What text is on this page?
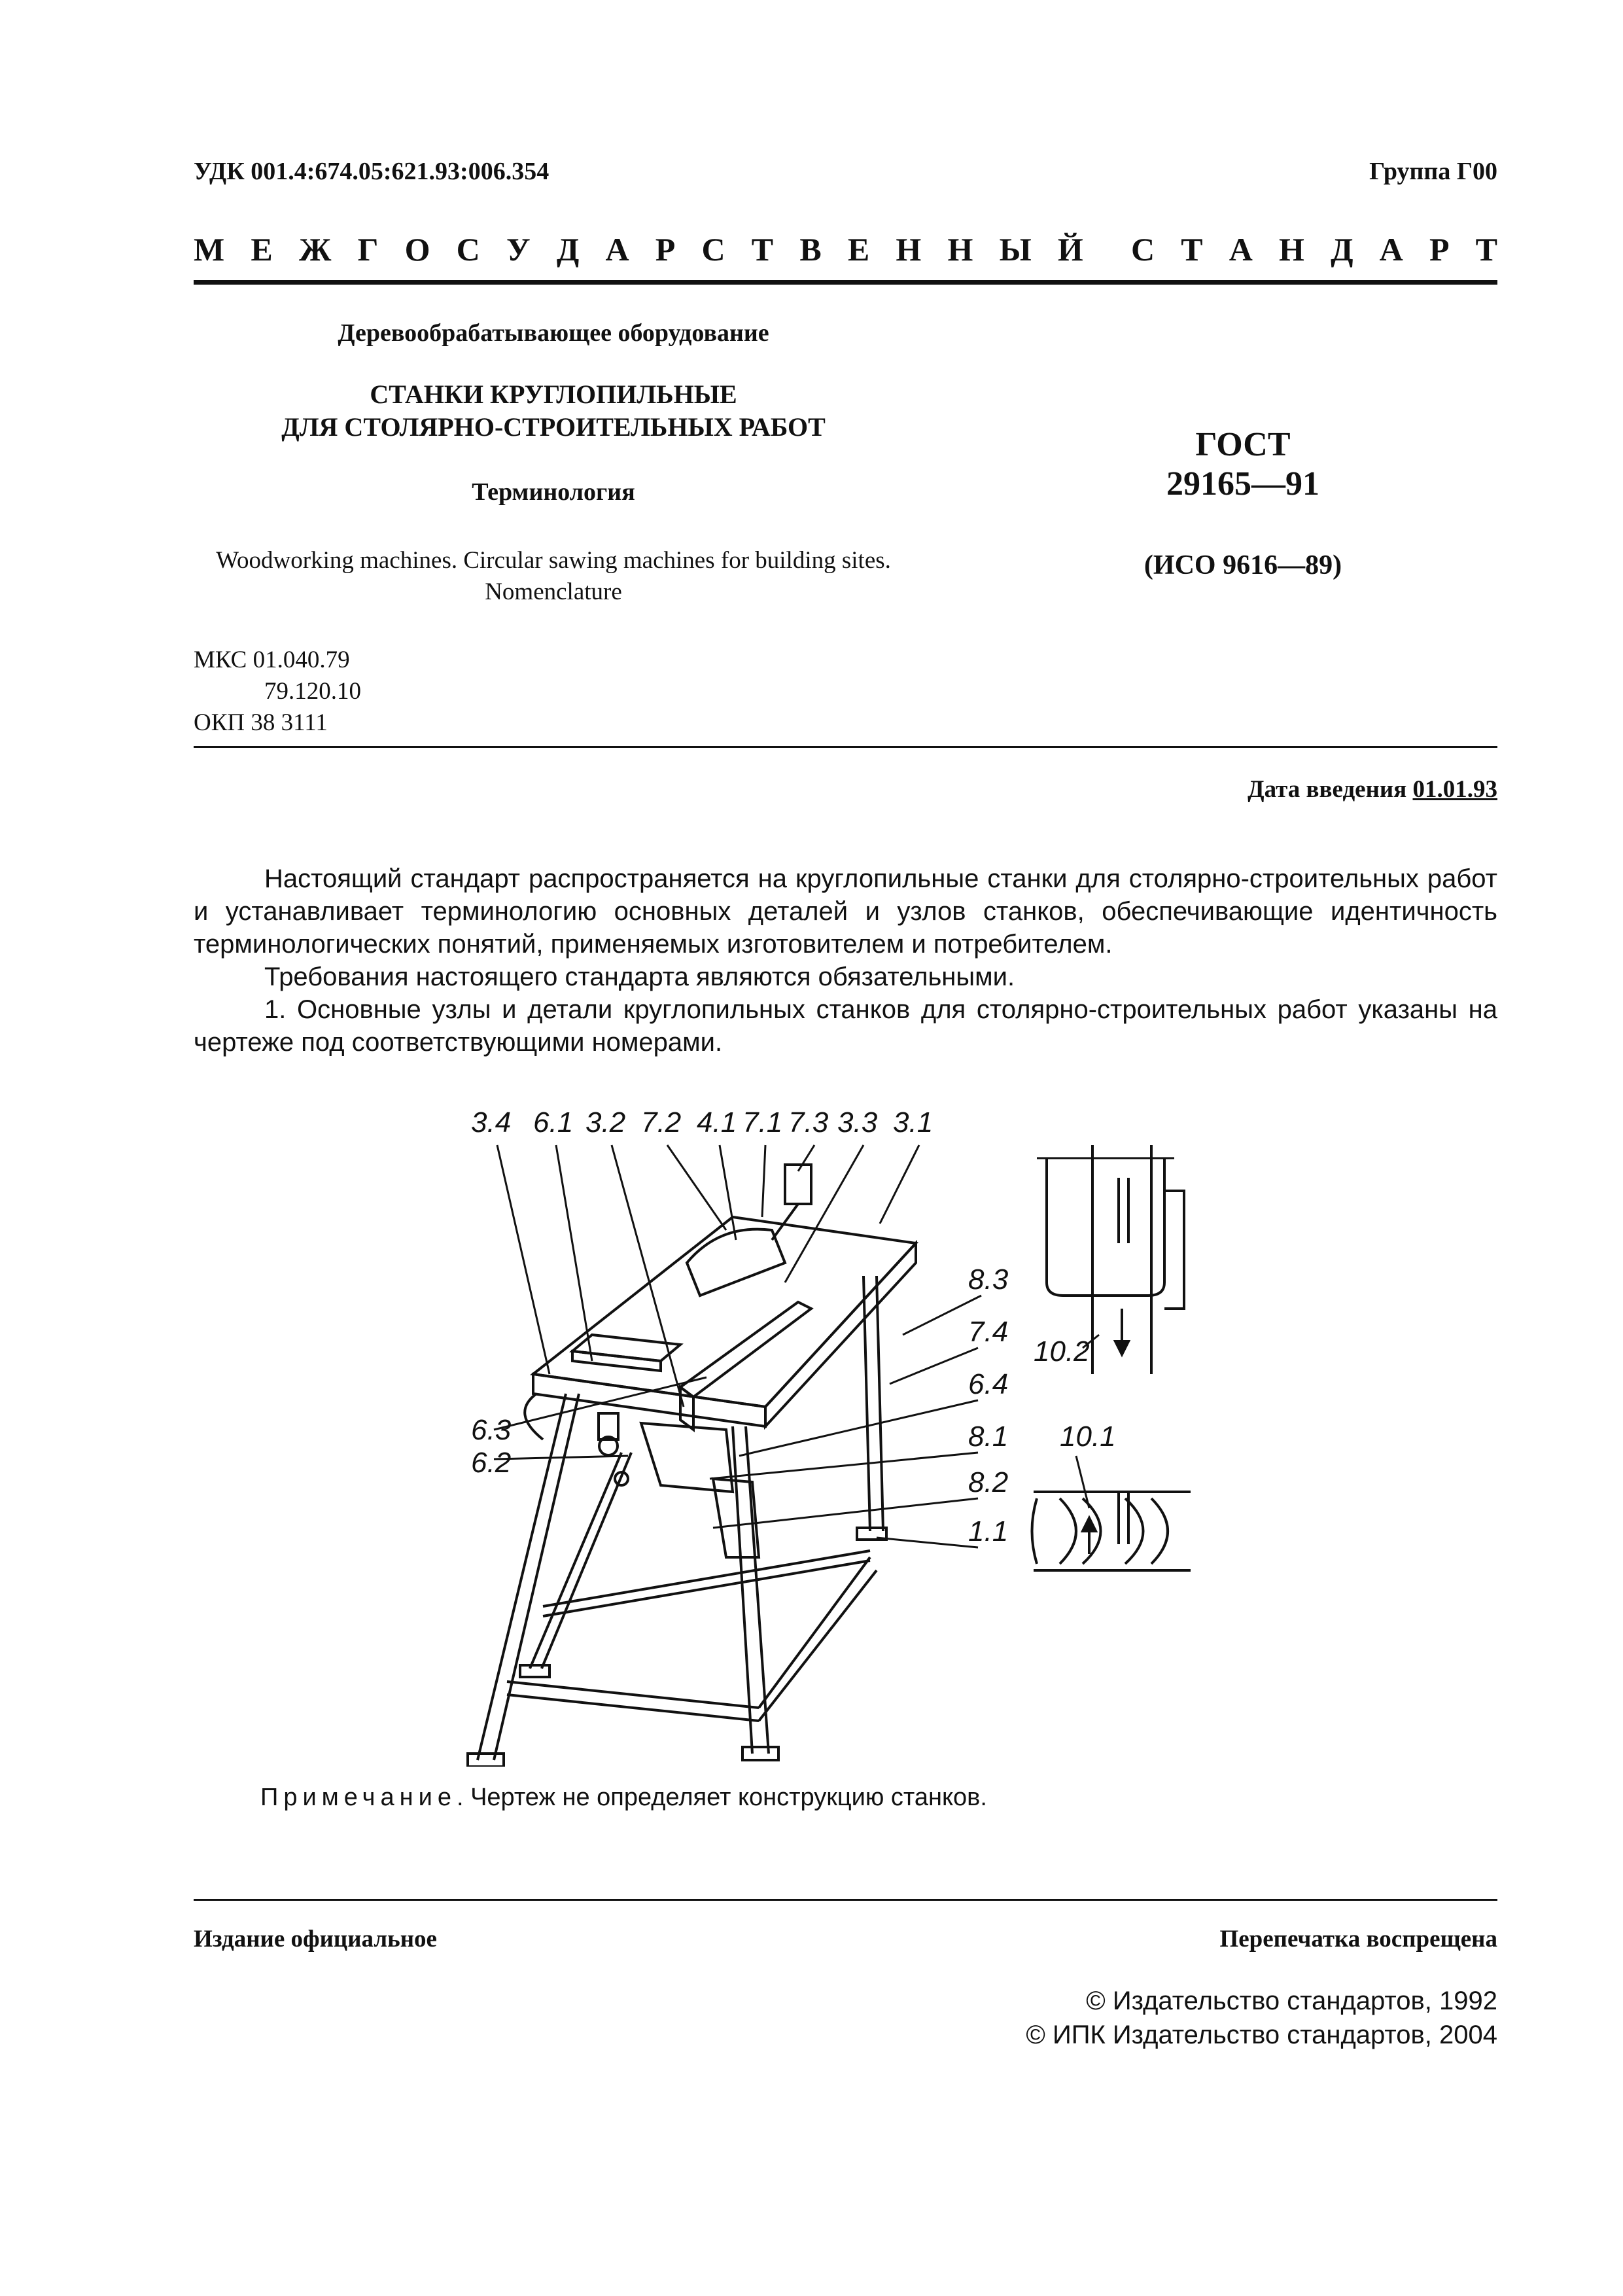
УДК 001.4:674.05:621.93:006.354	Группа Г00
М Е Ж Г О С У Д А Р С Т В Е Н Н Ы Й С Т А Н Д А Р Т
Деревообрабатывающее оборудование
СТАНКИ КРУГЛОПИЛЬНЫЕ
ДЛЯ СТОЛЯРНО-СТРОИТЕЛЬНЫХ РАБОТ
Терминология
Woodworking machines. Circular sawing machines for building sites.
Nomenclature
ГОСТ
29165—91
(ИСО 9616—89)
МКС 01.040.79
79.120.10
ОКП 38 3111
Дата введения 01.01.93

Настоящий стандарт распространяется на круглопильные станки для столярно-строительных работ и устанавливает терминологию основных деталей и узлов станков, обеспечивающие идентичность терминологических понятий, применяемых изготовителем и потребителем.

Требования настоящего стандарта являются обязательными.

1. Основные узлы и детали круглопильных станков для столярно-строительных работ указаны на чертеже под соответствующими номерами.

3.4 6.1 3.2 7.2 4.1 7.1 7.3 3.3 3.1
8.3
7.4
6.4
8.1
8.2
1.1
6.3
6.2
10.2
10.1
Примечание. Чертеж не определяет конструкцию станков.
Издание официальное	Перепечатка воспрещена
© Издательство стандартов, 1992
© ИПК Издательство стандартов, 2004
